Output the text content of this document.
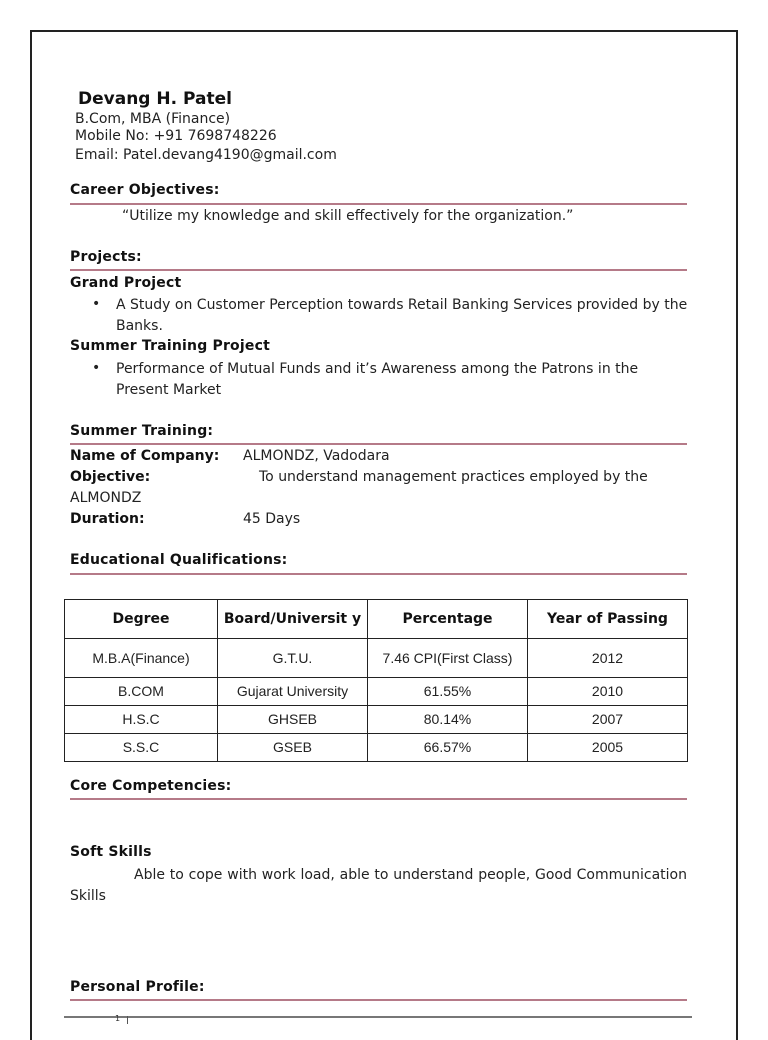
Devang H. Patel
B.Com, MBA (Finance)
Mobile No: +91 7698748226
Email: Patel.devang4190@gmail.com
Career Objectives:
“Utilize my knowledge and skill effectively for the organization.”
Projects:
Grand Project
• A Study on Customer Perception towards Retail Banking Services provided by the Banks.
Summer Training Project
• Performance of Mutual Funds and it’s Awareness among the Patrons in the Present Market
Summer Training:
Name of Company: ALMONDZ, Vadodara
Objective:	To understand management practices employed by the
ALMONDZ
Duration:	45 Days
Educational Qualifications:
Degree	Board/Universit y	Percentage	Year of Passing
M.B.A(Finance)	G.T.U.	7.46 CPI(First Class)	2012
B.COM	Gujarat University	61.55%	2010
H.S.C	GHSEB	80.14%	2007
S.S.C	GSEB	66.57%	2005
Core Competencies:
Soft Skills
Able to cope with work load, able to understand people, Good Communication Skills
Personal Profile:
1
